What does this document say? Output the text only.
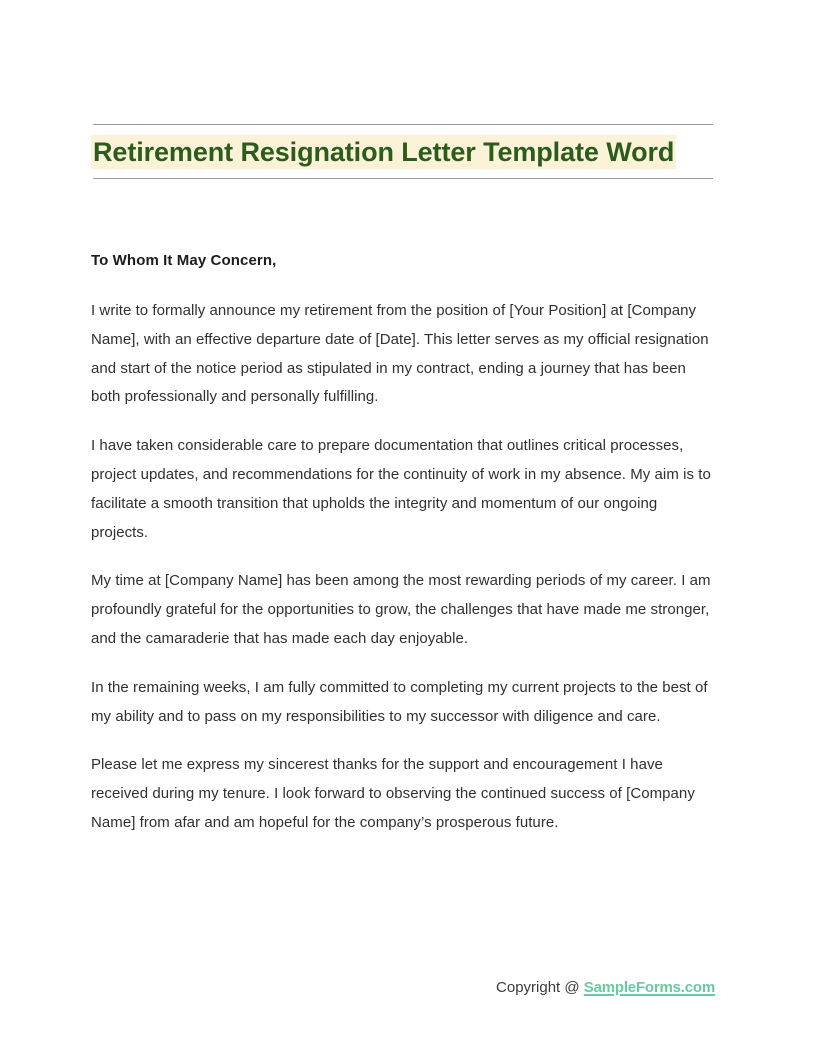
Retirement Resignation Letter Template Word

To Whom It May Concern,

I write to formally announce my retirement from the position of [Your Position] at [Company Name], with an effective departure date of [Date]. This letter serves as my official resignation and start of the notice period as stipulated in my contract, ending a journey that has been both professionally and personally fulfilling.

I have taken considerable care to prepare documentation that outlines critical processes, project updates, and recommendations for the continuity of work in my absence. My aim is to facilitate a smooth transition that upholds the integrity and momentum of our ongoing projects.

My time at [Company Name] has been among the most rewarding periods of my career. I am profoundly grateful for the opportunities to grow, the challenges that have made me stronger, and the camaraderie that has made each day enjoyable.

In the remaining weeks, I am fully committed to completing my current projects to the best of my ability and to pass on my responsibilities to my successor with diligence and care.

Please let me express my sincerest thanks for the support and encouragement I have received during my tenure. I look forward to observing the continued success of [Company Name] from afar and am hopeful for the company’s prosperous future.

Copyright @ SampleForms.com
